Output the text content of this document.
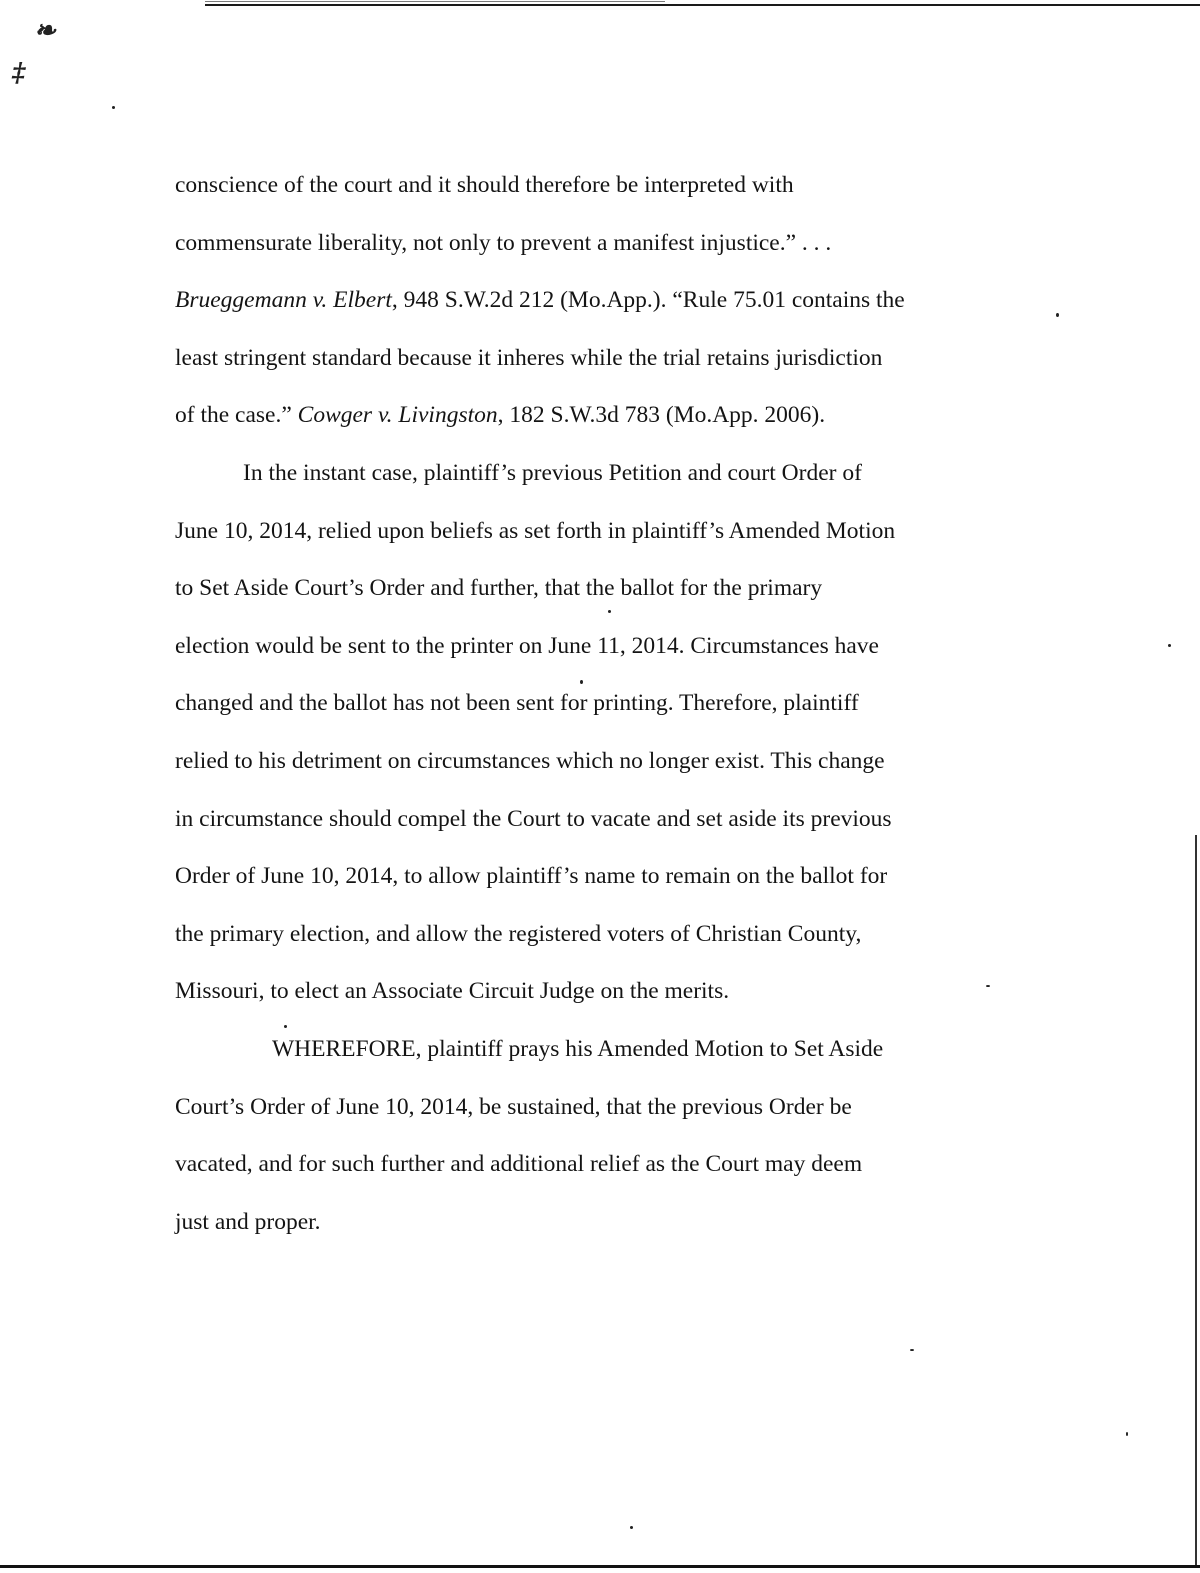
❧
‡
conscience of the court and it should therefore be interpreted with
commensurate liberality, not only to prevent a manifest injustice.” . . .
Brueggemann v. Elbert, 948 S.W.2d 212 (Mo.App.). “Rule 75.01 contains the
least stringent standard because it inheres while the trial retains jurisdiction
of the case.” Cowger v. Livingston, 182 S.W.3d 783 (Mo.App. 2006).
In the instant case, plaintiff’s previous Petition and court Order of
June 10, 2014, relied upon beliefs as set forth in plaintiff’s Amended Motion
to Set Aside Court’s Order and further, that the ballot for the primary
election would be sent to the printer on June 11, 2014. Circumstances have
changed and the ballot has not been sent for printing. Therefore, plaintiff
relied to his detriment on circumstances which no longer exist. This change
in circumstance should compel the Court to vacate and set aside its previous
Order of June 10, 2014, to allow plaintiff’s name to remain on the ballot for
the primary election, and allow the registered voters of Christian County,
Missouri, to elect an Associate Circuit Judge on the merits.
WHEREFORE, plaintiff prays his Amended Motion to Set Aside
Court’s Order of June 10, 2014, be sustained, that the previous Order be
vacated, and for such further and additional relief as the Court may deem
just and proper.
